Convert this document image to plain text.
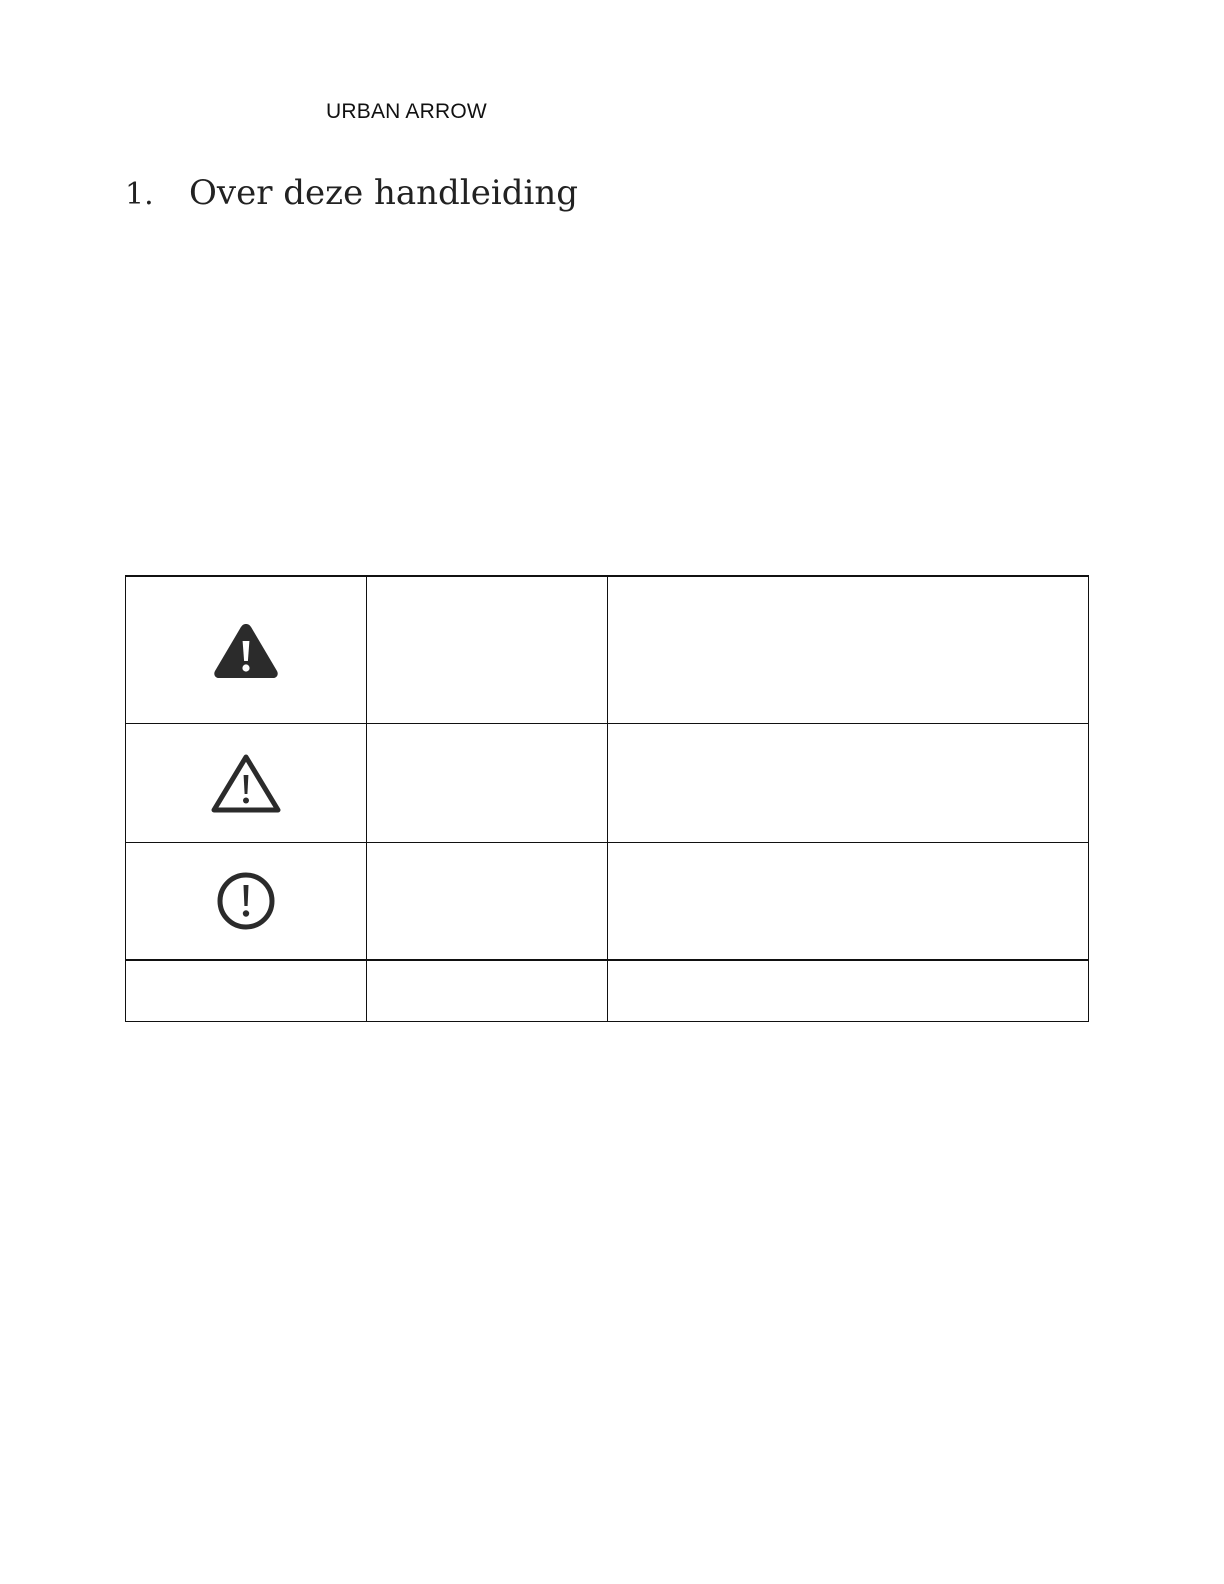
URBAN ARROW
1.	Over deze handleiding
